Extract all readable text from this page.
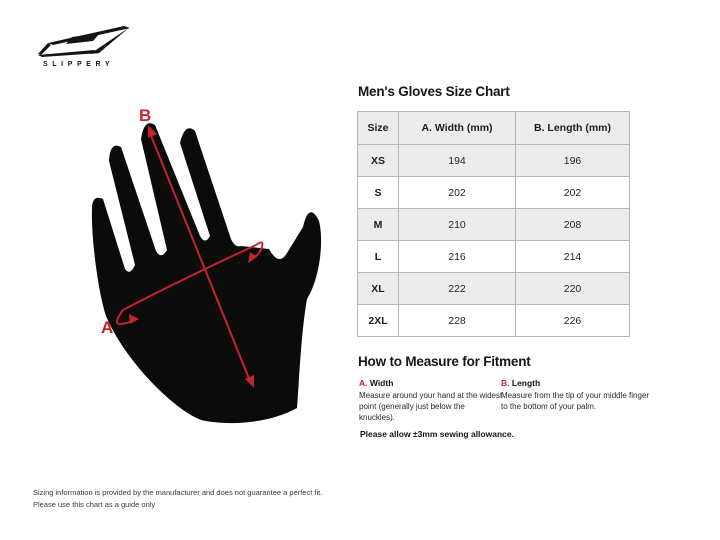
SLIPPERY
A
B
Men's Gloves Size Chart
Size	A. Width (mm)	B. Length (mm)
XS	194	196
S	202	202
M	210	208
L	216	214
XL	222	220
2XL	228	226
How to Measure for Fitment
A. Width
Measure around your hand at the widest point (generally just below the knuckles).
B. Length
Measure from the tip of your middle finger to the bottom of your palm.
Please allow ±3mm sewing allowance.
Sizing information is provided by the manufacturer and does not guarantee a perfect fit.
Please use this chart as a guide only
